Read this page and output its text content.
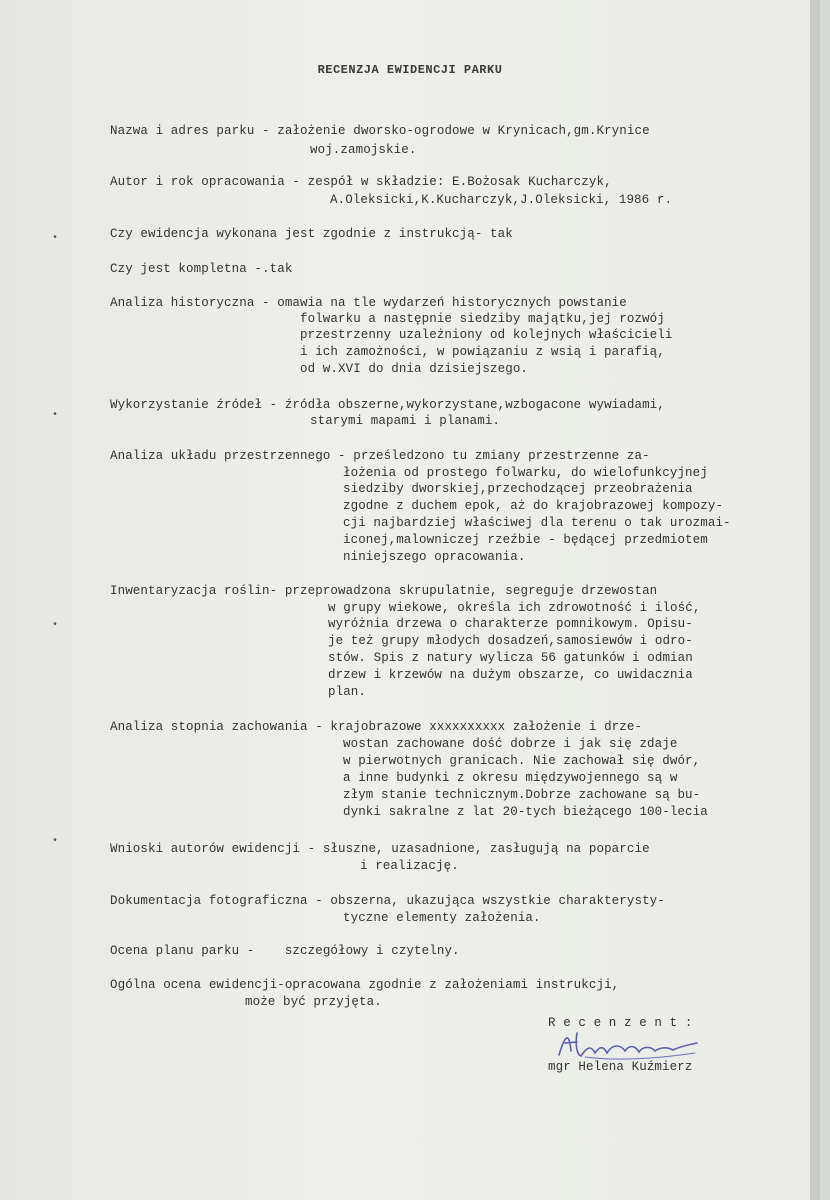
RECENZJA EWIDENCJI PARKU
Nazwa i adres parku - założenie dworsko-ogrodowe w Krynicach,gm.Krynice
woj.zamojskie.
Autor i rok opracowania - zespół w składzie: E.Bożosak Kucharczyk,
A.Oleksicki,K.Kucharczyk,J.Oleksicki, 1986 r.
Czy ewidencja wykonana jest zgodnie z instrukcją- tak
Czy jest kompletna -.tak
Analiza historyczna - omawia na tle wydarzeń historycznych powstanie
folwarku a następnie siedziby majątku,jej rozwój
przestrzenny uzależniony od kolejnych właścicieli
i ich zamożności, w powiązaniu z wsią i parafią,
od w.XVI do dnia dzisiejszego.
Wykorzystanie źródeł - źródła obszerne,wykorzystane,wzbogacone wywiadami,
starymi mapami i planami.
Analiza układu przestrzennego - prześledzono tu zmiany przestrzenne za-
łożenia od prostego folwarku, do wielofunkcyjnej
siedziby dworskiej,przechodzącej przeobrażenia
zgodne z duchem epok, aż do krajobrazowej kompozy-
cji najbardziej właściwej dla terenu o tak urozmai-
iconej,malowniczej rzeźbie - będącej przedmiotem
niniejszego opracowania.
Inwentaryzacja roślin- przeprowadzona skrupulatnie, segreguje drzewostan
w grupy wiekowe, określa ich zdrowotność i ilość,
wyróżnia drzewa o charakterze pomnikowym. Opisu-
je też grupy młodych dosadzeń,samosiewów i odro-
stów. Spis z natury wylicza 56 gatunków i odmian
drzew i krzewów na dużym obszarze, co uwidacznia
plan.
Analiza stopnia zachowania - krajobrazowe xxxxxxxxxx założenie i drze-
wostan zachowane dość dobrze i jak się zdaje
w pierwotnych granicach. Nie zachował się dwór,
a inne budynki z okresu międzywojennego są w
złym stanie technicznym.Dobrze zachowane są bu-
dynki sakralne z lat 20-tych bieżącego 100-lecia
Wnioski autorów ewidencji - słuszne, uzasadnione, zasługują na poparcie
i realizację.
Dokumentacja fotograficzna - obszerna, ukazująca wszystkie charakterysty-
tyczne elementy założenia.
Ocena planu parku -    szczegółowy i czytelny.
Ogólna ocena ewidencji-opracowana zgodnie z założeniami instrukcji,
może być przyjęta.
R e c e n z e n t :
mgr Helena Kuźmierz
•
•
•
•
